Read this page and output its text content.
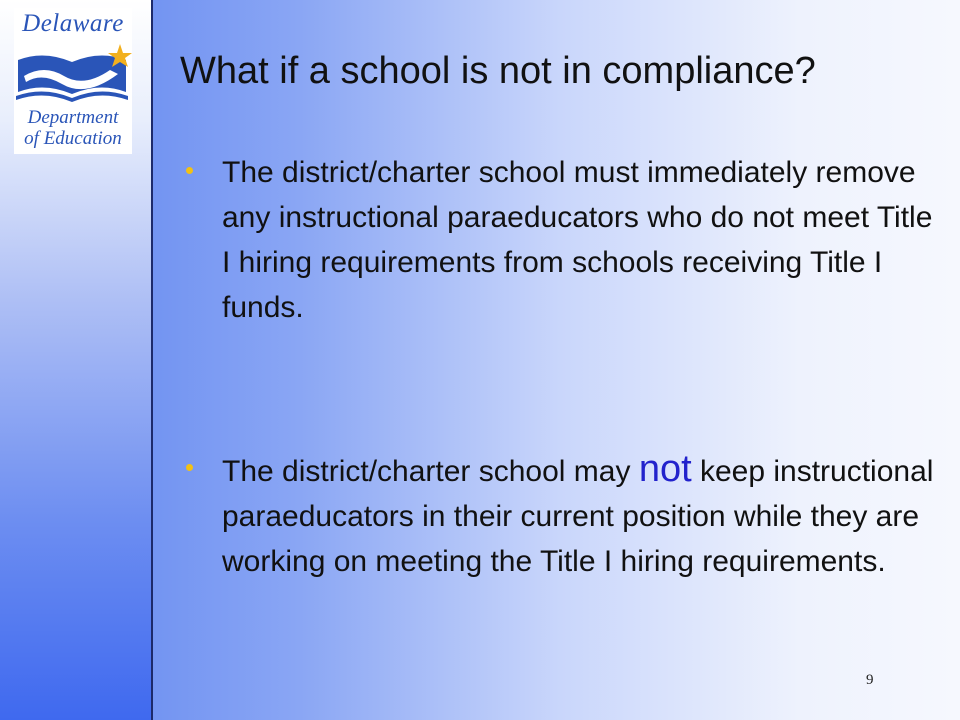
Delaware
Department
of Education
What if a school is not in compliance?
The district/charter school must immediately remove any instructional paraeducators who do not meet Title I hiring requirements from schools receiving Title I funds.
The district/charter school may not keep instructional paraeducators in their current position while they are working on meeting the Title I hiring requirements.
9
